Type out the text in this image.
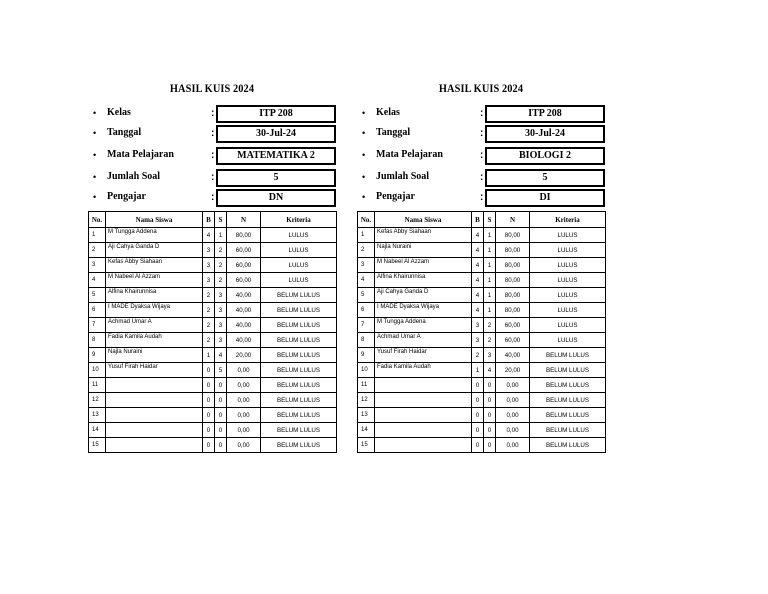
HASIL KUIS 2024
• Kelas	:	ITP 208
• Tanggal	:	30-Jul-24
• Mata Pelajaran	:	MATEMATIKA 2
• Jumlah Soal	:	5
• Pengajar	:	DN
No.	Nama Siswa	B	S	N	Kriteria
1	M Tungga Addena	4	1	80,00	LULUS
2	Aji Cahya Ganda D	3	2	60,00	LULUS
3	Kefas Abby Siahaan	3	2	60,00	LULUS
4	M Nabeel Al Azzam	3	2	60,00	LULUS
5	Alfina Khairunnisa	2	3	40,00	BELUM LULUS
6	I MADE Dyaksa Wijaya	2	3	40,00	BELUM LULUS
7	Achmad Umar A	2	3	40,00	BELUM LULUS
8	Fadia Kamila Audah	2	3	40,00	BELUM LULUS
9	Najla Nuraini	1	4	20,00	BELUM LULUS
10	Yusuf Firah Haidar	0	5	0,00	BELUM LULUS
11		0	0	0,00	BELUM LULUS
12		0	0	0,00	BELUM LULUS
13		0	0	0,00	BELUM LULUS
14		0	0	0,00	BELUM LULUS
15		0	0	0,00	BELUM LULUS
HASIL KUIS 2024
• Kelas	:	ITP 208
• Tanggal	:	30-Jul-24
• Mata Pelajaran	:	BIOLOGI 2
• Jumlah Soal	:	5
• Pengajar	:	DI
No.	Nama Siswa	B	S	N	Kriteria
1	Kefas Abby Siahaan	4	1	80,00	LULUS
2	Najla Nuraini	4	1	80,00	LULUS
3	M Nabeel Al Azzam	4	1	80,00	LULUS
4	Alfina Khairunnisa	4	1	80,00	LULUS
5	Aji Cahya Ganda D	4	1	80,00	LULUS
6	I MADE Dyaksa Wijaya	4	1	80,00	LULUS
7	M Tungga Addena	3	2	60,00	LULUS
8	Achmad Umar A	3	2	60,00	LULUS
9	Yusuf Firah Haidar	2	3	40,00	BELUM LULUS
10	Fadia Kamila Audah	1	4	20,00	BELUM LULUS
11		0	0	0,00	BELUM LULUS
12		0	0	0,00	BELUM LULUS
13		0	0	0,00	BELUM LULUS
14		0	0	0,00	BELUM LULUS
15		0	0	0,00	BELUM LULUS
